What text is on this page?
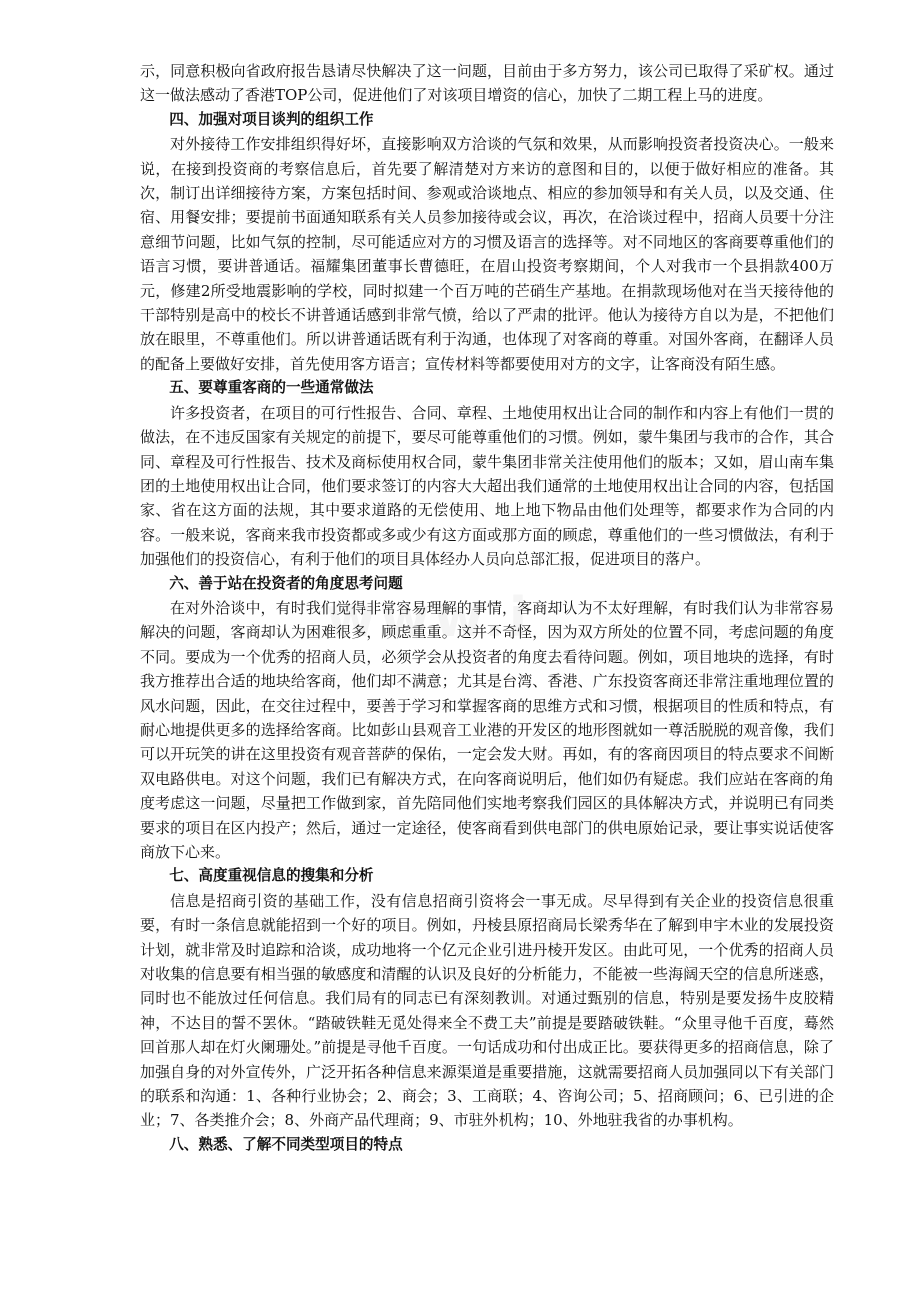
示，同意积极向省政府报告恳请尽快解决了这一问题，目前由于多方努力，该公司已取得了采矿权。通过这一做法感动了香港TOP公司，促进他们了对该项目增资的信心，加快了二期工程上马的进度。

四、加强对项目谈判的组织工作

对外接待工作安排组织得好坏，直接影响双方洽谈的气氛和效果，从而影响投资者投资决心。一般来说，在接到投资商的考察信息后，首先要了解清楚对方来访的意图和目的，以便于做好相应的准备。其次，制订出详细接待方案，方案包括时间、参观或洽谈地点、相应的参加领导和有关人员，以及交通、住宿、用餐安排；要提前书面通知联系有关人员参加接待或会议，再次，在洽谈过程中，招商人员要十分注意细节问题，比如气氛的控制，尽可能适应对方的习惯及语言的选择等。对不同地区的客商要尊重他们的语言习惯，要讲普通话。福耀集团董事长曹德旺，在眉山投资考察期间，个人对我市一个县捐款400万元，修建2所受地震影响的学校，同时拟建一个百万吨的芒硝生产基地。在捐款现场他对在当天接待他的干部特别是高中的校长不讲普通话感到非常气愤，给以了严肃的批评。他认为接待方自以为是，不把他们放在眼里，不尊重他们。所以讲普通话既有利于沟通，也体现了对客商的尊重。对国外客商，在翻译人员的配备上要做好安排，首先使用客方语言；宣传材料等都要使用对方的文字，让客商没有陌生感。

五、要尊重客商的一些通常做法

许多投资者，在项目的可行性报告、合同、章程、土地使用权出让合同的制作和内容上有他们一贯的做法，在不违反国家有关规定的前提下，要尽可能尊重他们的习惯。例如，蒙牛集团与我市的合作，其合同、章程及可行性报告、技术及商标使用权合同，蒙牛集团非常关注使用他们的版本；又如，眉山南车集团的土地使用权出让合同，他们要求签订的内容大大超出我们通常的土地使用权出让合同的内容，包括国家、省在这方面的法规，其中要求道路的无偿使用、地上地下物品由他们处理等，都要求作为合同的内容。一般来说，客商来我市投资都或多或少有这方面或那方面的顾虑，尊重他们的一些习惯做法，有利于加强他们的投资信心，有利于他们的项目具体经办人员向总部汇报，促进项目的落户。

六、善于站在投资者的角度思考问题

在对外洽谈中，有时我们觉得非常容易理解的事情，客商却认为不太好理解，有时我们认为非常容易解决的问题，客商却认为困难很多，顾虑重重。这并不奇怪，因为双方所处的位置不同，考虑问题的角度不同。要成为一个优秀的招商人员，必须学会从投资者的角度去看待问题。例如，项目地块的选择，有时我方推荐出合适的地块给客商，他们却不满意；尤其是台湾、香港、广东投资客商还非常注重地理位置的风水问题，因此，在交往过程中，要善于学习和掌握客商的思维方式和习惯，根据项目的性质和特点，有耐心地提供更多的选择给客商。比如彭山县观音工业港的开发区的地形图就如一尊活脱脱的观音像，我们可以开玩笑的讲在这里投资有观音菩萨的保佑，一定会发大财。再如，有的客商因项目的特点要求不间断双电路供电。对这个问题，我们已有解决方式，在向客商说明后，他们如仍有疑虑。我们应站在客商的角度考虑这一问题，尽量把工作做到家，首先陪同他们实地考察我们园区的具体解决方式，并说明已有同类要求的项目在区内投产；然后，通过一定途径，使客商看到供电部门的供电原始记录，要让事实说话使客商放下心来。

七、高度重视信息的搜集和分析

信息是招商引资的基础工作，没有信息招商引资将会一事无成。尽早得到有关企业的投资信息很重要，有时一条信息就能招到一个好的项目。例如，丹棱县原招商局长梁秀华在了解到申宇木业的发展投资计划，就非常及时追踪和洽谈，成功地将一个亿元企业引进丹棱开发区。由此可见，一个优秀的招商人员对收集的信息要有相当强的敏感度和清醒的认识及良好的分析能力，不能被一些海阔天空的信息所迷惑，同时也不能放过任何信息。我们局有的同志已有深刻教训。对通过甄别的信息，特别是要发扬牛皮胶精神，不达目的誓不罢休。“踏破铁鞋无觅处得来全不费工夫”前提是要踏破铁鞋。“众里寻他千百度，蓦然回首那人却在灯火阑珊处。”前提是寻他千百度。一句话成功和付出成正比。要获得更多的招商信息，除了加强自身的对外宣传外，广泛开拓各种信息来源渠道是重要措施，这就需要招商人员加强同以下有关部门的联系和沟通：1、各种行业协会；2、商会；3、工商联；4、咨询公司；5、招商顾问；6、已引进的企业；7、各类推介会；8、外商产品代理商；9、市驻外机构；10、外地驻我省的办事机构。

八、熟悉、了解不同类型项目的特点
